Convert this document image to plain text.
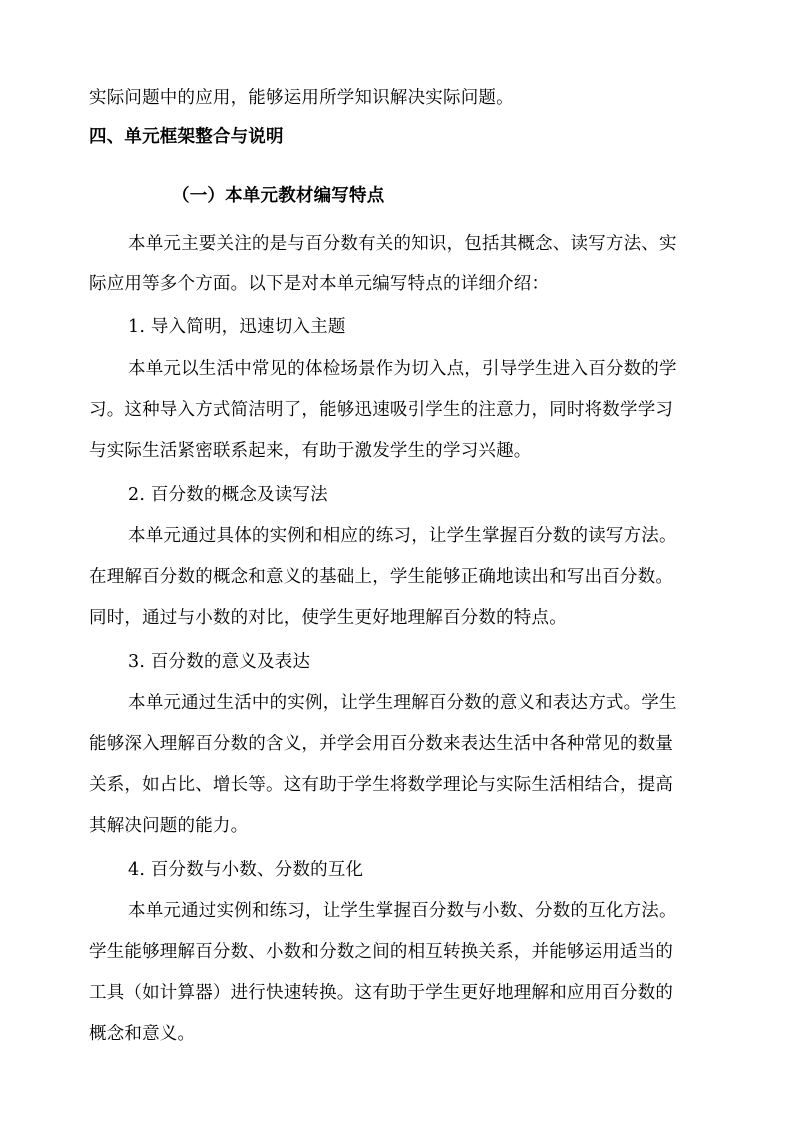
实际问题中的应用，能够运用所学知识解决实际问题。
四、单元框架整合与说明
（一）本单元教材编写特点
本单元主要关注的是与百分数有关的知识，包括其概念、读写方法、实
际应用等多个方面。以下是对本单元编写特点的详细介绍：
1. 导入简明，迅速切入主题
本单元以生活中常见的体检场景作为切入点，引导学生进入百分数的学
习。这种导入方式简洁明了，能够迅速吸引学生的注意力，同时将数学学习
与实际生活紧密联系起来，有助于激发学生的学习兴趣。
2. 百分数的概念及读写法
本单元通过具体的实例和相应的练习，让学生掌握百分数的读写方法。
在理解百分数的概念和意义的基础上，学生能够正确地读出和写出百分数。
同时，通过与小数的对比，使学生更好地理解百分数的特点。
3. 百分数的意义及表达
本单元通过生活中的实例，让学生理解百分数的意义和表达方式。学生
能够深入理解百分数的含义，并学会用百分数来表达生活中各种常见的数量
关系，如占比、增长等。这有助于学生将数学理论与实际生活相结合，提高
其解决问题的能力。
4. 百分数与小数、分数的互化
本单元通过实例和练习，让学生掌握百分数与小数、分数的互化方法。
学生能够理解百分数、小数和分数之间的相互转换关系，并能够运用适当的
工具（如计算器）进行快速转换。这有助于学生更好地理解和应用百分数的
概念和意义。
